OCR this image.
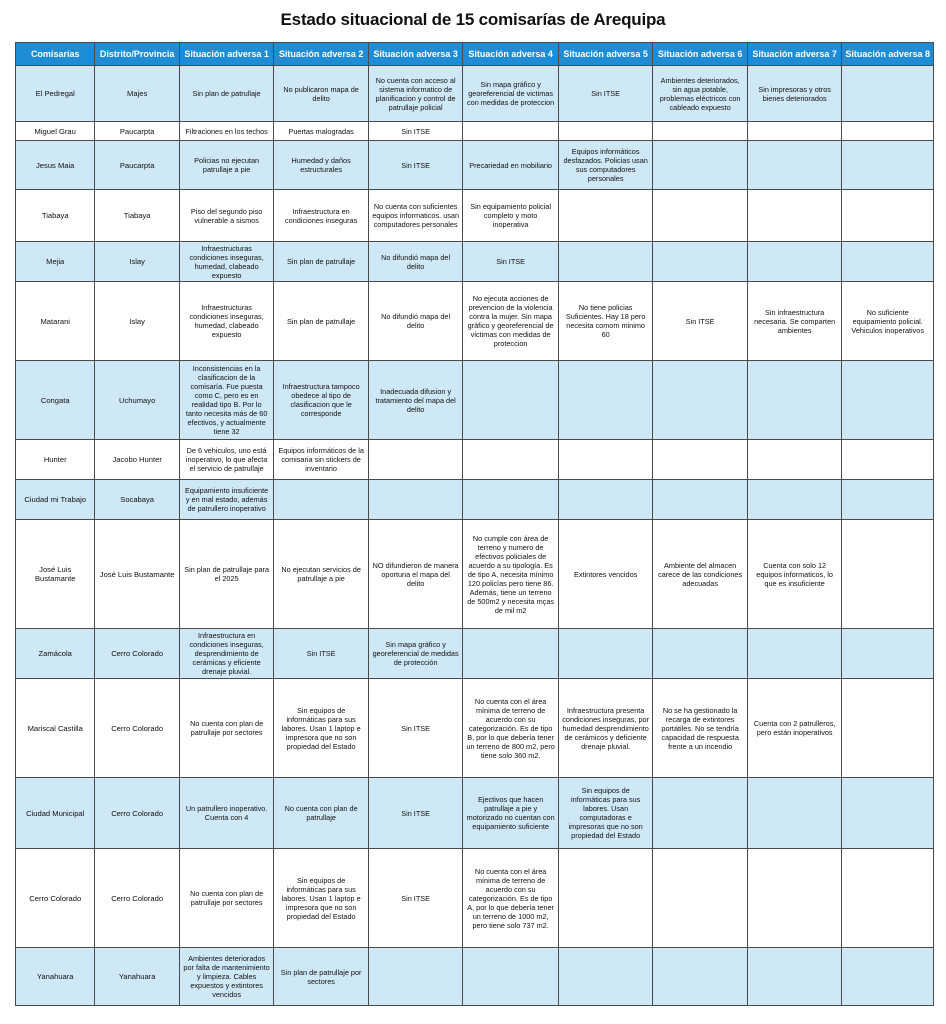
Estado situacional de 15 comisarías de Arequipa
Comisarías	Distrito/Provincia	Situación adversa 1	Situación adversa 2	Situación adversa 3	Situación adversa 4	Situación adversa 5	Situación adversa 6	Situación adversa 7	Situación adversa 8
El Pedregal	Majes	Sin plan de patrullaje	No publicaron mapa de delito	No cuenta con acceso al sistema informatico de planificacion y control de patrullaje policial	Sin mapa gráfico y georeferencial de victimas con medidas de proteccion	Sin ITSE	Ambientes deteriorados, sin agua potable, problemas eléctricos con cableado expuesto	Sin impresoras y otros bienes deteriorados	
Miguel Grau	Paucarpta	Filtraciones en los techos	Puertas malogradas	Sin ITSE					
Jesus Maia	Paucarpta	Policias no ejecutan patrullaje a pie	Humedad y daños estructurales	Sin ITSE	Precariedad en mobiliario	Equipos informáticos desfazados. Policias usan sus computadores personales			
Tiabaya	Tiabaya	Piso del segundo piso vulnerable a sismos	Infraestructura en condiciones inseguras	No cuenta con suficientes equipos informaticos. usan computadores personales	Sin equipamiento policial completo y moto inoperativa				
Mejia	Islay	Infraestructuras condiciones inseguras, humedad, clabeado expuesto	Sin plan de patrullaje	No difundió mapa del delito	Sin ITSE				
Matarani	Islay	Infraestructuras condiciones inseguras, humedad, clabeado expuesto	Sin plan de patrullaje	No difundió mapa del delito	No ejecuta acciones de prevencion de la violencia contra la mujer. Sin mapa gráfico y georeferencial de victimas con medidas de proteccion	No tiene policias Suficientes. Hay 18 pero necesita comom minimo 60	Sin ITSE	Sin infraestructura necesaria. Se comparten ambientes	No suficiente equipamiento policial. Vehiculos inoperativos
Congata	Uchumayo	Inconsistencias en la clasificacion de la comisaría. Fue puesta como C, pero es en realidad tipo B. Por lo tanto necesita más de 60 efectivos, y actualmente tiene 32	Infraestructura tampoco obedece al tipo de clasificacion que le corresponde	Inadecuada difusion y tratamiento del mapa del delito					
Hunter	Jacobo Hunter	De 6 vehiculos, uno está inoperativo, lo que afecta el servicio de patrullaje	Equipos informáticos de la comisaria sin stickers de inventario						
Ciudad mi Trabajo	Socabaya	Equipamiento insuficiente y en mal estado, además de patrullero inoperativo							
José Luis Bustamante	José Luis Bustamante	Sin plan de patrullaje para el 2025	No ejecutan servicios de patrullaje a pie	NO difundieron de manera oportuna el mapa del delito	No cumple con área de terreno y numero de efectivos policiales de acuerdo a su tipología. Es de tipo A, necesita mínimo 120 policías pero tiene 86. Además, tiene un terreno de 500m2 y necesita mças de mil m2	Extintores vencidos	Ambiente del almacen carece de las condiciones adecuadas	Cuenta con solo 12 equipos informaticos, lo que es insuficiente	
Zamácola	Cerro Colorado	Infraestructura en condiciones inseguras, desprendimiento de cerámicas y eficiente drenaje pluvial.	Sin ITSE	Sin mapa gráfico y georeferencial de medidas de protección					
Mariscal Castilla	Cerro Colorado	No cuenta con plan de patrullaje por sectores	Sin equipos de informáticas para sus labores. Usan 1 laptop e impresora que no son propiedad del Estado	Sin ITSE	No cuenta con el área mínima de terreno de acuerdo con su categorización. Es de tipo B, por lo que debería tener un terreno de 800 m2, pero tiene solo 360 m2.	Infraestructura presenta condiciones inseguras, por humedad desprendimiento de cerámicos y deficiente drenaje pluvial.	No se ha gestionado la recarga de extintores portátiles. No se tendría capacidad de respuesta frente a un incendio	Cuenta con 2 patrulleros, pero están inoperativos	
Ciudad Municipal	Cerro Colorado	Un patrullero inoperativo. Cuenta con 4	No cuenta con plan de patrullaje	Sin ITSE	Ejectivos que hacen patrullaje a pie y motorizado no cuentan con equipamiento suficiente	Sin equipos de informáticas para sus labores. Usan computadoras e impresoras que no son propiedad del Estado			
Cerro Colorado	Cerro Colorado	No cuenta con plan de patrullaje por sectores	Sin equipos de informáticas para sus labores. Usan 1 laptop e impresora que no son propiedad del Estado	Sin ITSE	No cuenta con el área mínima de terreno de acuerdo con su categorización. Es de tipo A, por lo que debería tener un terreno de 1000 m2, pero tiene solo 737 m2.				
Yanahuara	Yanahuara	Ambientes deteriorados por falta de mantenimiento y limpieza. Cables expuestos y extintores vencidos	Sin plan de patrullaje por sectores						
